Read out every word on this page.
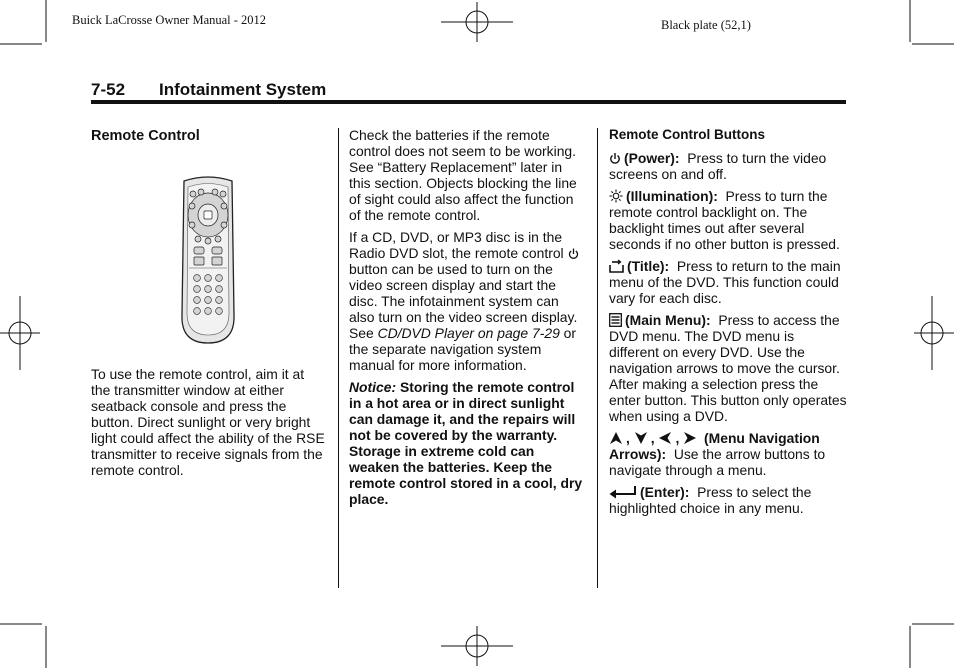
Buick LaCrosse Owner Manual - 2012	Black plate (52,1)
7-52 Infotainment System
Remote Control

To use the remote control, aim it at the transmitter window at either seatback console and press the button. Direct sunlight or very bright light could affect the ability of the RSE transmitter to receive signals from the remote control.

Check the batteries if the remote control does not seem to be working. See “Battery Replacement” later in this section. Objects blocking the line of sight could also affect the function of the remote control.

If a CD, DVD, or MP3 disc is in the Radio DVD slot, the remote control button can be used to turn on the video screen display and start the disc. The infotainment system can also turn on the video screen display. See CD/DVD Player on page 7-29 or the separate navigation system manual for more information.

Notice: Storing the remote control in a hot area or in direct sunlight can damage it, and the repairs will not be covered by the warranty. Storage in extreme cold can weaken the batteries. Keep the remote control stored in a cool, dry place.

Remote Control Buttons

(Power): Press to turn the video screens on and off.

(Illumination): Press to turn the remote control backlight on. The backlight times out after several seconds if no other button is pressed.

(Title): Press to return to the main menu of the DVD. This function could vary for each disc.

(Main Menu): Press to access the DVD menu. The DVD menu is different on every DVD. Use the navigation arrows to move the cursor. After making a selection press the enter button. This button only operates when using a DVD.

, , , (Menu Navigation Arrows): Use the arrow buttons to navigate through a menu.

(Enter): Press to select the highlighted choice in any menu.
